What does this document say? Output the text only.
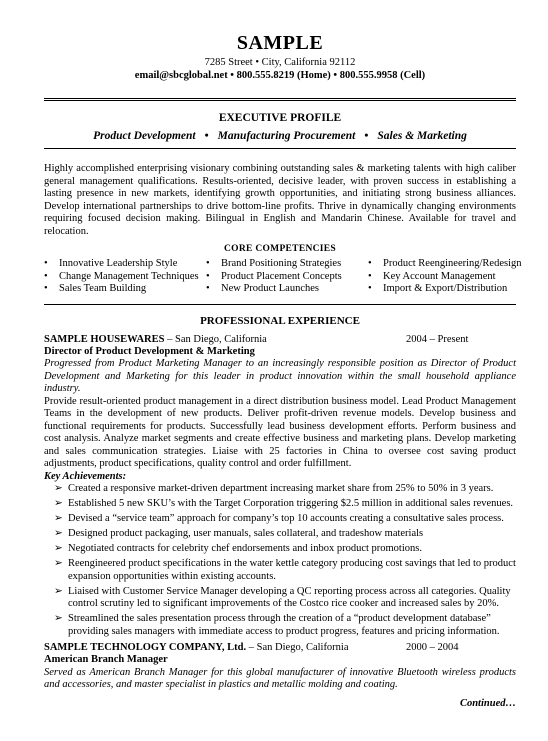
SAMPLE
7285 Street • City, California 92112
email@sbcglobal.net • 800.555.8219 (Home) • 800.555.9958 (Cell)
EXECUTIVE PROFILE
Product Development • Manufacturing Procurement • Sales & Marketing

Highly accomplished enterprising visionary combining outstanding sales & marketing talents with high caliber general management qualifications. Results-oriented, decisive leader, with proven success in establishing a lasting presence in new markets, identifying growth opportunities, and initiating strong business alliances. Develop international partnerships to drive bottom-line profits. Thrive in dynamically changing environments requiring focused decision making. Bilingual in English and Mandarin Chinese. Available for travel and relocation.

CORE COMPETENCIES
• Innovative Leadership Style
• Change Management Techniques
• Sales Team Building
• Brand Positioning Strategies
• Product Placement Concepts
• New Product Launches
• Product Reengineering/Redesign
• Key Account Management
• Import & Export/Distribution
PROFESSIONAL EXPERIENCE
SAMPLE HOUSEWARES – San Diego, California	2004 – Present
Director of Product Development & Marketing

Progressed from Product Marketing Manager to an increasingly responsible position as Director of Product Development and Marketing for this leader in product innovation within the small household appliance industry.

Provide result-oriented product management in a direct distribution business model. Lead Product Management Teams in the development of new products. Deliver profit-driven revenue models. Develop business and functional requirements for products. Successfully lead business development efforts. Perform business and cost analysis. Analyze market segments and create effective business and marketing plans. Develop marketing and sales communication strategies. Liaise with 25 factories in China to oversee cost saving product adjustments, product specifications, quality control and order fulfillment.

Key Achievements:
➢ Created a responsive market-driven department increasing market share from 25% to 50% in 3 years.
➢ Established 5 new SKU’s with the Target Corporation triggering $2.5 million in additional sales revenues.
➢ Devised a “service team” approach for company’s top 10 accounts creating a consultative sales process.
➢ Designed product packaging, user manuals, sales collateral, and tradeshow materials
➢ Negotiated contracts for celebrity chef endorsements and inbox product promotions.
➢ Reengineered product specifications in the water kettle category producing cost savings that led to product expansion opportunities within existing accounts.
➢ Liaised with Customer Service Manager developing a QC reporting process across all categories. Quality control scrutiny led to significant improvements of the Costco rice cooker and increased sales by 20%.
➢ Streamlined the sales presentation process through the creation of a “product development database” providing sales managers with immediate access to product progress, features and pricing information.
SAMPLE TECHNOLOGY COMPANY, Ltd. – San Diego, California	2000 – 2004
American Branch Manager

Served as American Branch Manager for this global manufacturer of innovative Bluetooth wireless products and accessories, and master specialist in plastics and metallic molding and coating.

Continued…
